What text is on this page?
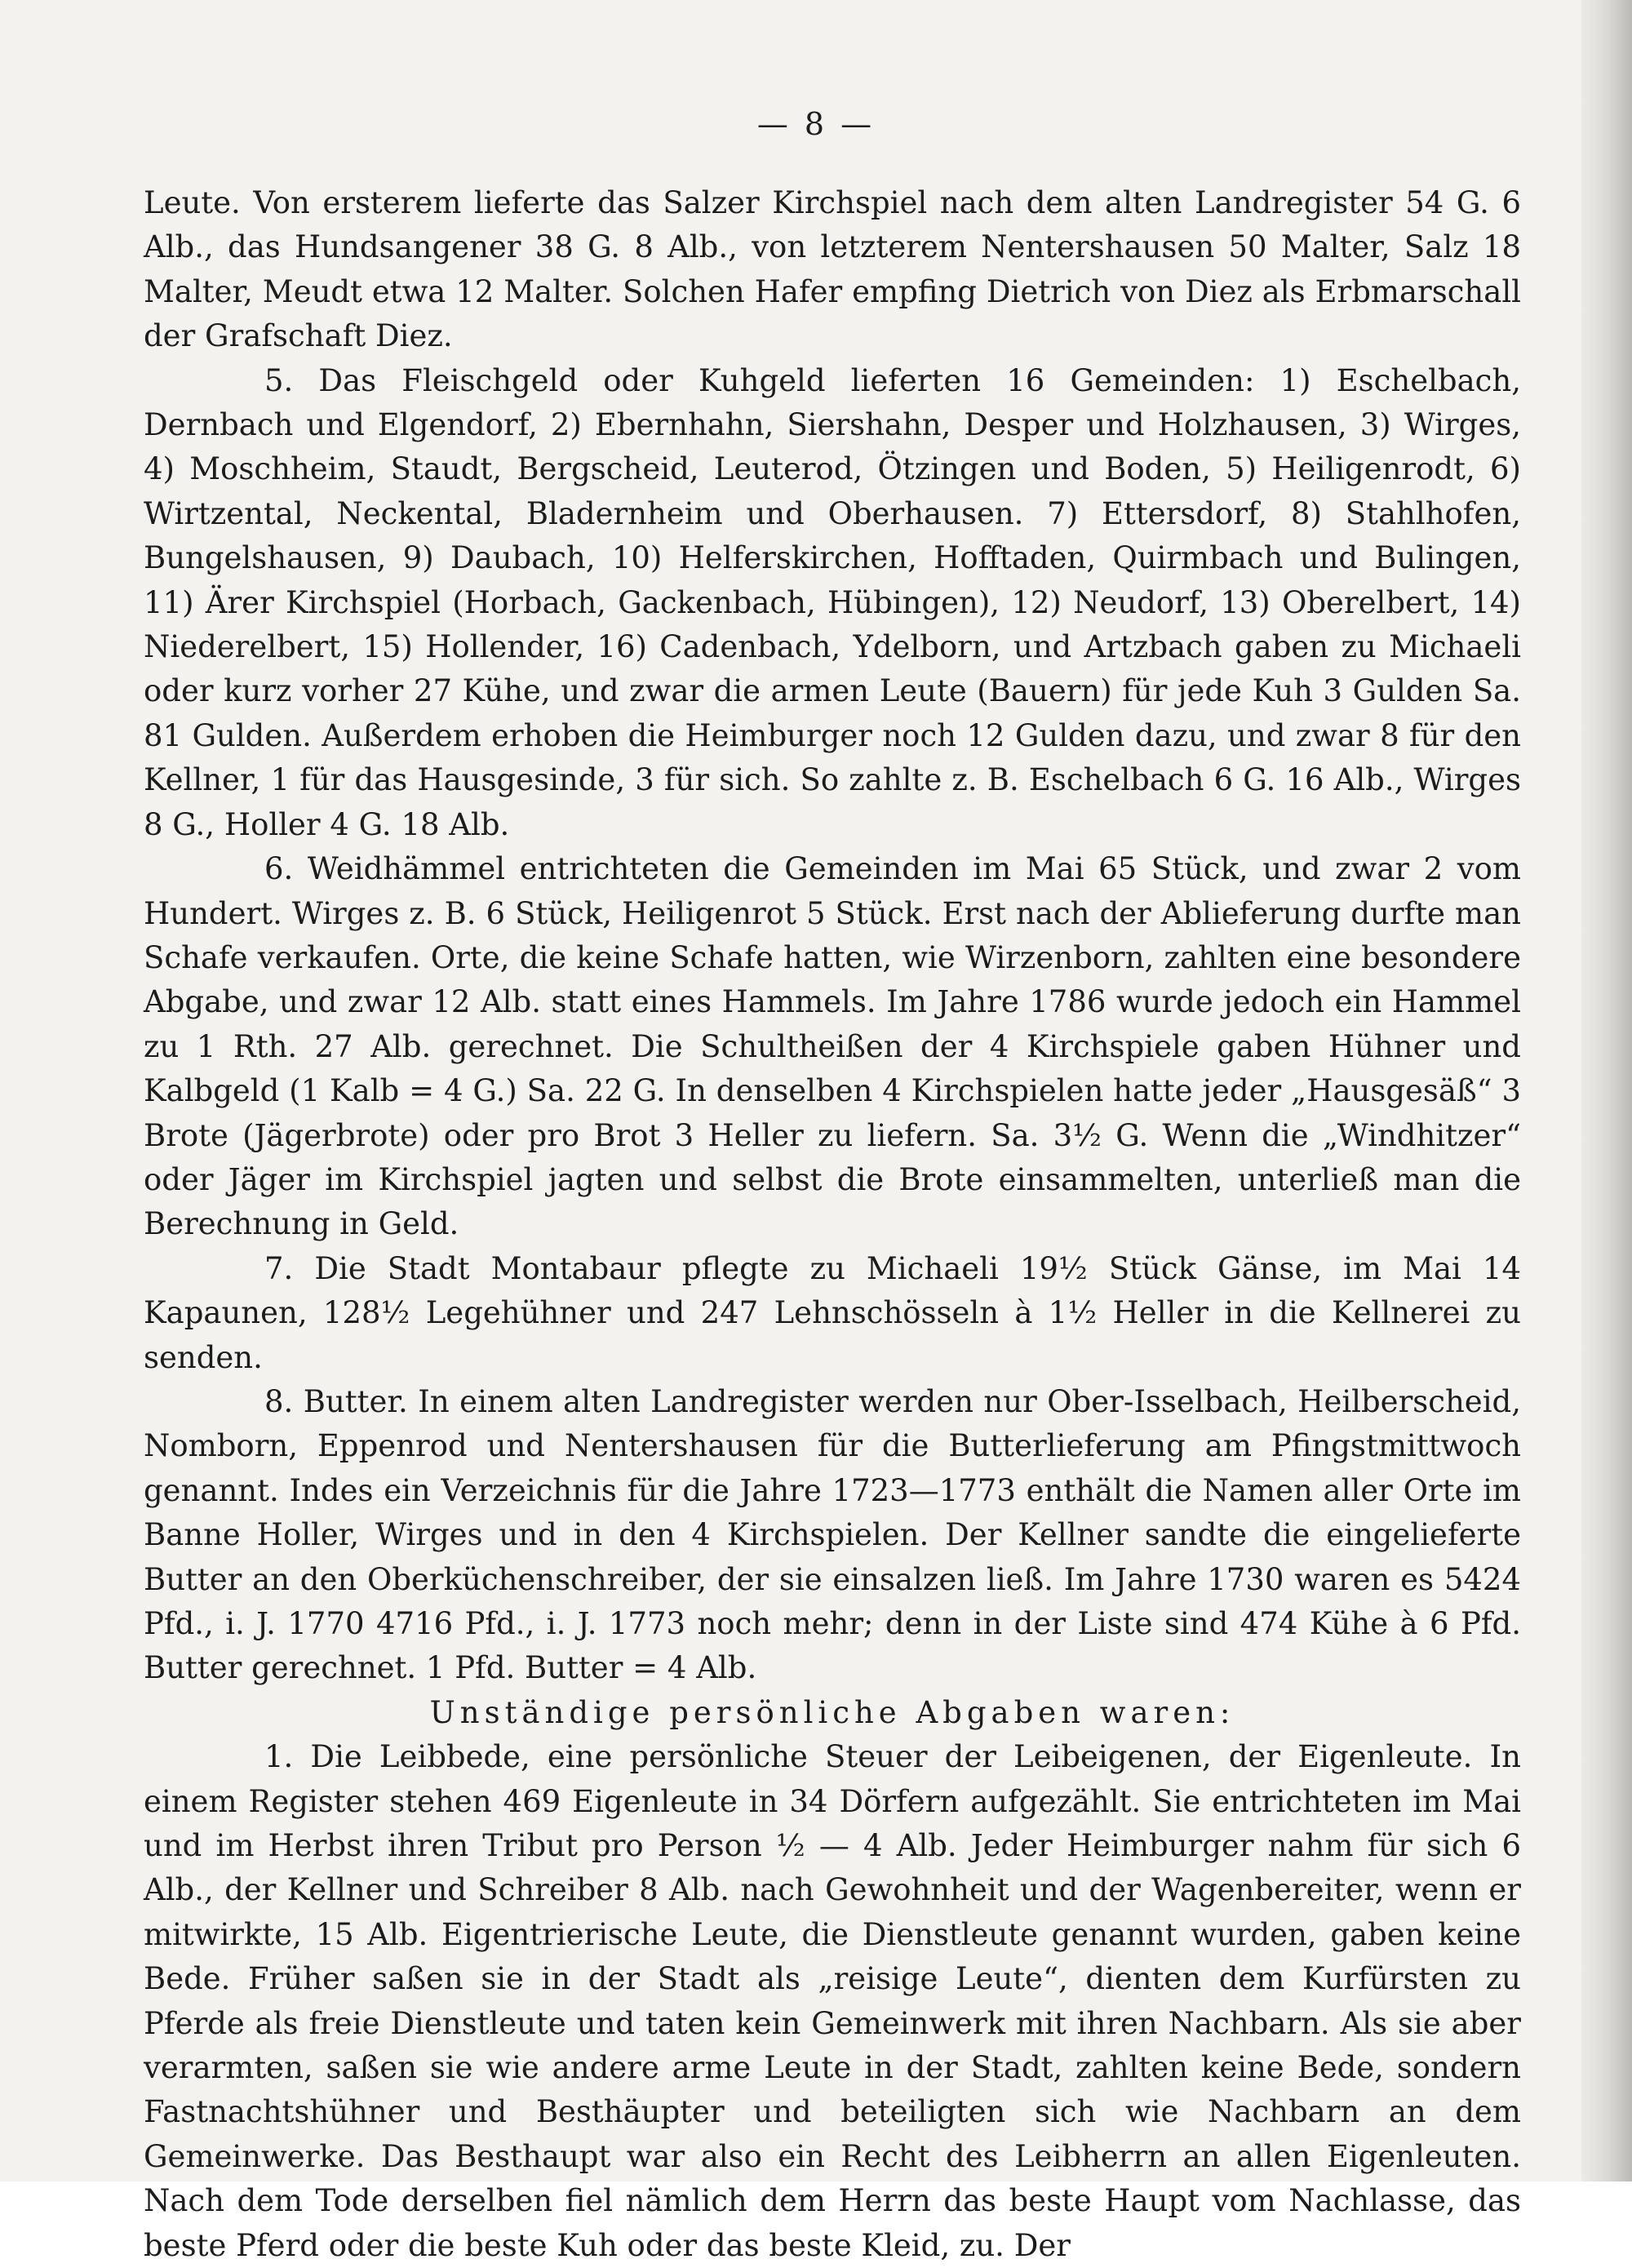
— 8 —

Leute. Von ersterem lieferte das Salzer Kirchspiel nach dem alten Landregister 54 G. 6 Alb., das Hundsangener 38 G. 8 Alb., von letzterem Nentershausen 50 Malter, Salz 18 Malter, Meudt etwa 12 Malter. Solchen Hafer empfing Dietrich von Diez als Erbmarschall der Grafschaft Diez.

5. Das Fleischgeld oder Kuhgeld lieferten 16 Gemeinden: 1) Eschelbach, Dernbach und Elgendorf, 2) Ebernhahn, Siershahn, Desper und Holzhausen, 3) Wirges, 4) Moschheim, Staudt, Bergscheid, Leuterod, Ötzingen und Boden, 5) Heiligenrodt, 6) Wirtzental, Neckental, Bladernheim und Oberhausen. 7) Ettersdorf, 8) Stahlhofen, Bungelshausen, 9) Daubach, 10) Helferskirchen, Hofftaden, Quirmbach und Bulingen, 11) Ärer Kirchspiel (Horbach, Gackenbach, Hübingen), 12) Neudorf, 13) Oberelbert, 14) Niederelbert, 15) Hollender, 16) Cadenbach, Ydelborn, und Artzbach gaben zu Michaeli oder kurz vorher 27 Kühe, und zwar die armen Leute (Bauern) für jede Kuh 3 Gulden Sa. 81 Gulden. Außerdem erhoben die Heimburger noch 12 Gulden dazu, und zwar 8 für den Kellner, 1 für das Hausgesinde, 3 für sich. So zahlte z. B. Eschelbach 6 G. 16 Alb., Wirges 8 G., Holler 4 G. 18 Alb.

6. Weidhämmel entrichteten die Gemeinden im Mai 65 Stück, und zwar 2 vom Hundert. Wirges z. B. 6 Stück, Heiligenrot 5 Stück. Erst nach der Ablieferung durfte man Schafe verkaufen. Orte, die keine Schafe hatten, wie Wirzenborn, zahlten eine besondere Abgabe, und zwar 12 Alb. statt eines Hammels. Im Jahre 1786 wurde jedoch ein Hammel zu 1 Rth. 27 Alb. gerechnet. Die Schultheißen der 4 Kirchspiele gaben Hühner und Kalbgeld (1 Kalb = 4 G.) Sa. 22 G. In denselben 4 Kirchspielen hatte jeder „Hausgesäß“ 3 Brote (Jägerbrote) oder pro Brot 3 Heller zu liefern. Sa. 3½ G. Wenn die „Windhitzer“ oder Jäger im Kirchspiel jagten und selbst die Brote einsammelten, unterließ man die Berechnung in Geld.

7. Die Stadt Montabaur pflegte zu Michaeli 19½ Stück Gänse, im Mai 14 Kapaunen, 128½ Legehühner und 247 Lehnschösseln à 1½ Heller in die Kellnerei zu senden.

8. Butter. In einem alten Landregister werden nur Ober-Isselbach, Heilberscheid, Nomborn, Eppenrod und Nentershausen für die Butterlieferung am Pfingstmittwoch genannt. Indes ein Verzeichnis für die Jahre 1723—1773 enthält die Namen aller Orte im Banne Holler, Wirges und in den 4 Kirchspielen. Der Kellner sandte die eingelieferte Butter an den Oberküchenschreiber, der sie einsalzen ließ. Im Jahre 1730 waren es 5424 Pfd., i. J. 1770 4716 Pfd., i. J. 1773 noch mehr; denn in der Liste sind 474 Kühe à 6 Pfd. Butter gerechnet. 1 Pfd. Butter = 4 Alb.

Unständige persönliche Abgaben waren:

1. Die Leibbede, eine persönliche Steuer der Leibeigenen, der Eigenleute. In einem Register stehen 469 Eigenleute in 34 Dörfern aufgezählt. Sie entrichteten im Mai und im Herbst ihren Tribut pro Person ½ — 4 Alb. Jeder Heimburger nahm für sich 6 Alb., der Kellner und Schreiber 8 Alb. nach Gewohnheit und der Wagenbereiter, wenn er mitwirkte, 15 Alb. Eigentrierische Leute, die Dienstleute genannt wurden, gaben keine Bede. Früher saßen sie in der Stadt als „reisige Leute“, dienten dem Kurfürsten zu Pferde als freie Dienstleute und taten kein Gemeinwerk mit ihren Nachbarn. Als sie aber verarmten, saßen sie wie andere arme Leute in der Stadt, zahlten keine Bede, sondern Fastnachtshühner und Besthäupter und beteiligten sich wie Nachbarn an dem Gemeinwerke. Das Besthaupt war also ein Recht des Leibherrn an allen Eigenleuten. Nach dem Tode derselben fiel nämlich dem Herrn das beste Haupt vom Nachlasse, das beste Pferd oder die beste Kuh oder das beste Kleid, zu. Der
